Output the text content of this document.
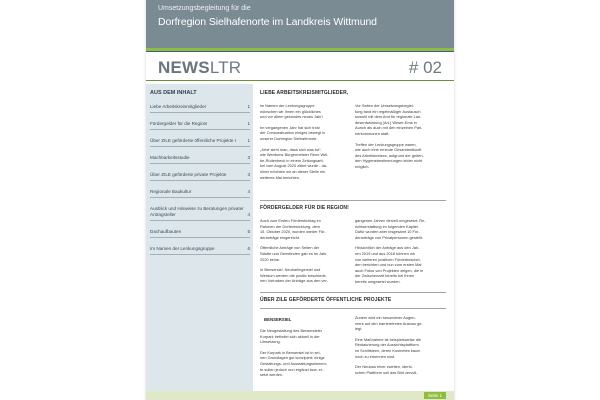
Umsetzungsbegleitung für die
Dorfregion Sielhafenorte im Landkreis Wittmund
NEWSLTR	# 02
AUS DEM INHALT
Liebe Arbeitskreismitglieder	1
Fördergelder für die Region!	1
Über ZILE geförderte öffentliche Projekte I 1
Machbarkeitsstudie	3
Über ZILE geförderte private Projekte	3
Regionale Baukultur	4
Ausblick und Hinweise zu Beratungen privater Antragsteller	4
Dachaufbauten	5
Im Namen der Lenkungsgruppe	6
LIEBE ARBEITSKREISMITGLIEDER,

im Namen der Lenkungsgruppe
wünschen wir Ihnen ein glückliches
und vor allem gesundes neues Jahr!

Im vergangenen Jahr hat sich trotz
der Coronasituation einiges bewegt in
unserer Dorfregion Sielhafenorte.

„Jetzt sieht man, dass sich was tut“,
wie Werdums Bürgermeister Rene Wei-
be-Rodenbeck in einem Zeitungsarti-
kel vom August 2020 zitiert wurde - da-
rüber möchten wir an dieser Stelle ein
weiteres Mal berichten.

Vor Seiten der Umsetzungsbeglei-
tung fand ein regelmäßiger Austausch
sowohl mit dem Amt für regionale Lan-
desentwicklung (ArL) Weser-Ems in
Aurich als auch mit den einzelnen Pari-
nerkommunen statt.

Treffen der Lenkungsgruppe waren,
wie auch eine erneute Gesamtmitkunft
des Arbeitskreises, aufgrund der gelten-
den Hygienebestimmungen leider nicht
möglich.

FÖRDERGELDER FÜR DIE REGION!

Auch zum Ersten Förderstichtag im
Rahmen der Dorfentwicklung, dem
15. Oktober 2020, wurden wieder För-
deranträge eingereicht.

Öffentliche Anträge von Seiten der
Städte und Gemeinden gab es im Jahr
2020 keine.

In Bensersiel, Neuharlingersiel und
Werdum werden die positiv beschiede-
nen Vorhaben der Anträge aus den ver-

gangenen Jahren derzeit umgesetzt; Re-
richtserstattung im folgenden Kapitel.
Dafür wurden aber insgesamt 10 För-
deranträge von Privatpersonen gestellt.

Hinsichtlich der Anträge aus den Jah-
ren 2019 und aus 2018 können wir
von weiteren positiven Förderbeschei-
den berichten und nun zum ersten Mal
auch Fotos von Projekten zeigen, die in
der Zwischenzeit bereits bei Ihnen
bereits umgesetzt wurden.

ÜBER ZILE GEFÖRDERTE ÖFFENTLICHE PROJEKTE
BENSERSIEL

Die Neugestaltung des Bensersieler
Kurpark befindet sich aktuell in der
Umsetzung.

Der Kurpark in Bensersiel ist in sei-
nen Grundlagen gut konzipiert; einige
Gestaltungs- und Ausstattungselemen-
te sollen jedoch nun ergänzt bzw. er-
setzt werden.

Zudem wird ein besonderer Augen-
merk auf den barrierefreien Ausbau ge-
legt.

Eine Maßnahme ist beispielsweise die
Restaurierung der Aussichtsplattform
im Schilfsteen, deren Kosmetes kaum
noch zu erkennen sind.

Der Neubau einer zweiten, identi-
schen Plattform soll das Bild vervoll-

Seite 1
